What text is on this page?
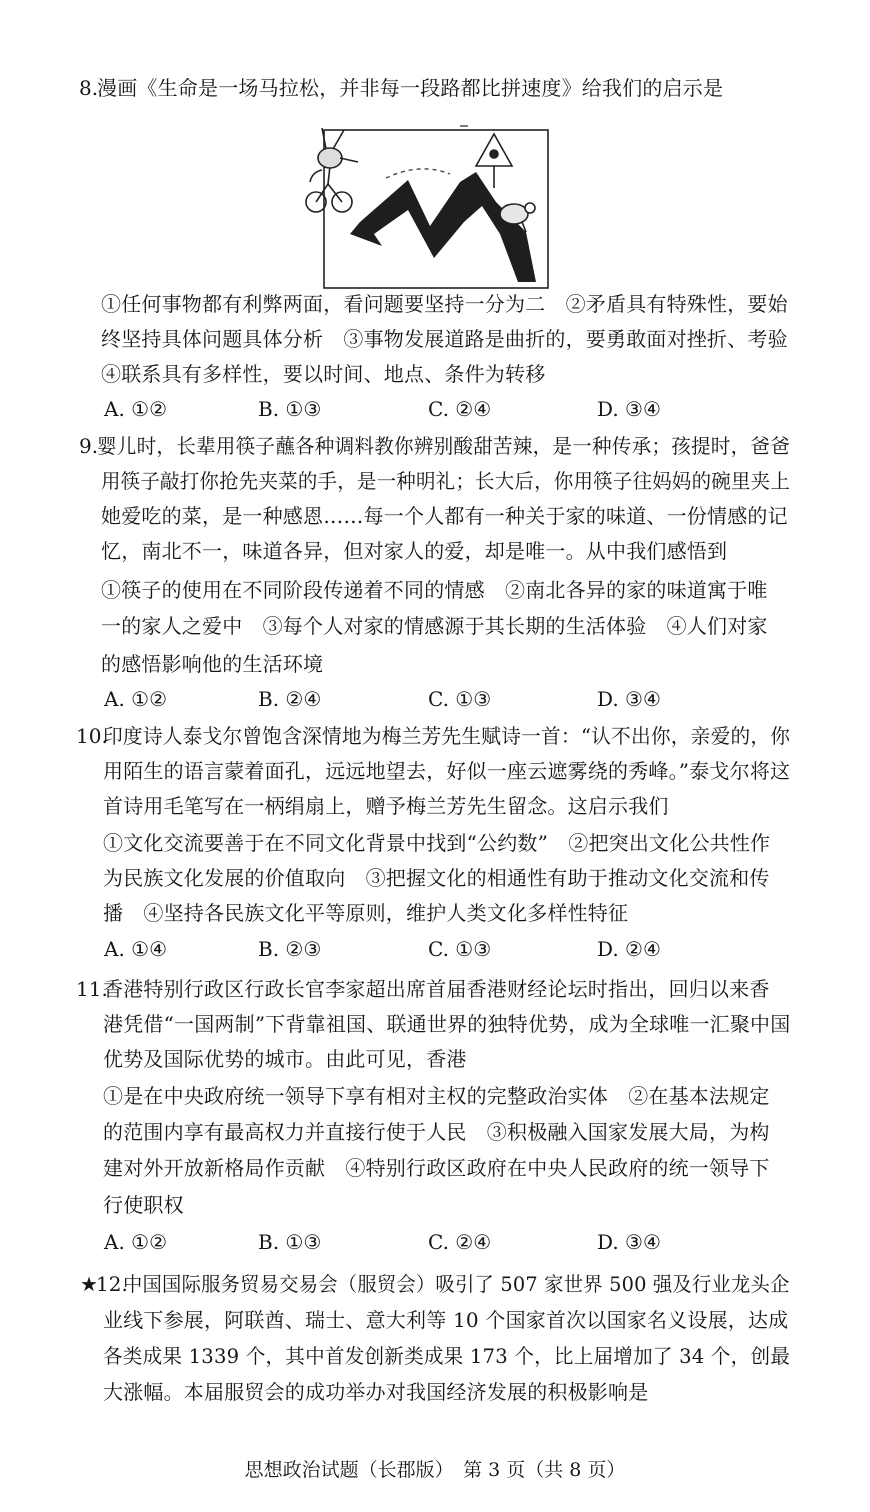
8.
漫画《生命是一场马拉松，并非每一段路都比拼速度》给我们的启示是
①任何事物都有利弊两面，看问题要坚持一分为二　②矛盾具有特殊性，要始
终坚持具体问题具体分析　③事物发展道路是曲折的，要勇敢面对挫折、考验
④联系具有多样性，要以时间、地点、条件为转移
A. ①②	B. ①③	C. ②④	D. ③④
9.
婴儿时，长辈用筷子蘸各种调料教你辨别酸甜苦辣，是一种传承；孩提时，爸爸
用筷子敲打你抢先夹菜的手，是一种明礼；长大后，你用筷子往妈妈的碗里夹上
她爱吃的菜，是一种感恩……每一个人都有一种关于家的味道、一份情感的记
忆，南北不一，味道各异，但对家人的爱，却是唯一。从中我们感悟到
①筷子的使用在不同阶段传递着不同的情感　②南北各异的家的味道寓于唯
一的家人之爱中　③每个人对家的情感源于其长期的生活体验　④人们对家
的感悟影响他的生活环境
A. ①②	B. ②④	C. ①③	D. ③④
10.
印度诗人泰戈尔曾饱含深情地为梅兰芳先生赋诗一首：“认不出你，亲爱的，你
用陌生的语言蒙着面孔，远远地望去，好似一座云遮雾绕的秀峰。”泰戈尔将这
首诗用毛笔写在一柄绢扇上，赠予梅兰芳先生留念。这启示我们
①文化交流要善于在不同文化背景中找到“公约数”　②把突出文化公共性作
为民族文化发展的价值取向　③把握文化的相通性有助于推动文化交流和传
播　④坚持各民族文化平等原则，维护人类文化多样性特征
A. ①④	B. ②③	C. ①③	D. ②④
11.
香港特别行政区行政长官李家超出席首届香港财经论坛时指出，回归以来香
港凭借“一国两制”下背靠祖国、联通世界的独特优势，成为全球唯一汇聚中国
优势及国际优势的城市。由此可见，香港
①是在中央政府统一领导下享有相对主权的完整政治实体　②在基本法规定
的范围内享有最高权力并直接行使于人民　③积极融入国家发展大局，为构
建对外开放新格局作贡献　④特别行政区政府在中央人民政府的统一领导下
行使职权
A. ①②	B. ①③	C. ②④	D. ③④
★
12.
中国国际服务贸易交易会（服贸会）吸引了 507 家世界 500 强及行业龙头企
业线下参展，阿联酋、瑞士、意大利等 10 个国家首次以国家名义设展，达成
各类成果 1339 个，其中首发创新类成果 173 个，比上届增加了 34 个，创最
大涨幅。本届服贸会的成功举办对我国经济发展的积极影响是
思想政治试题（长郡版）　第 3 页（共 8 页）
